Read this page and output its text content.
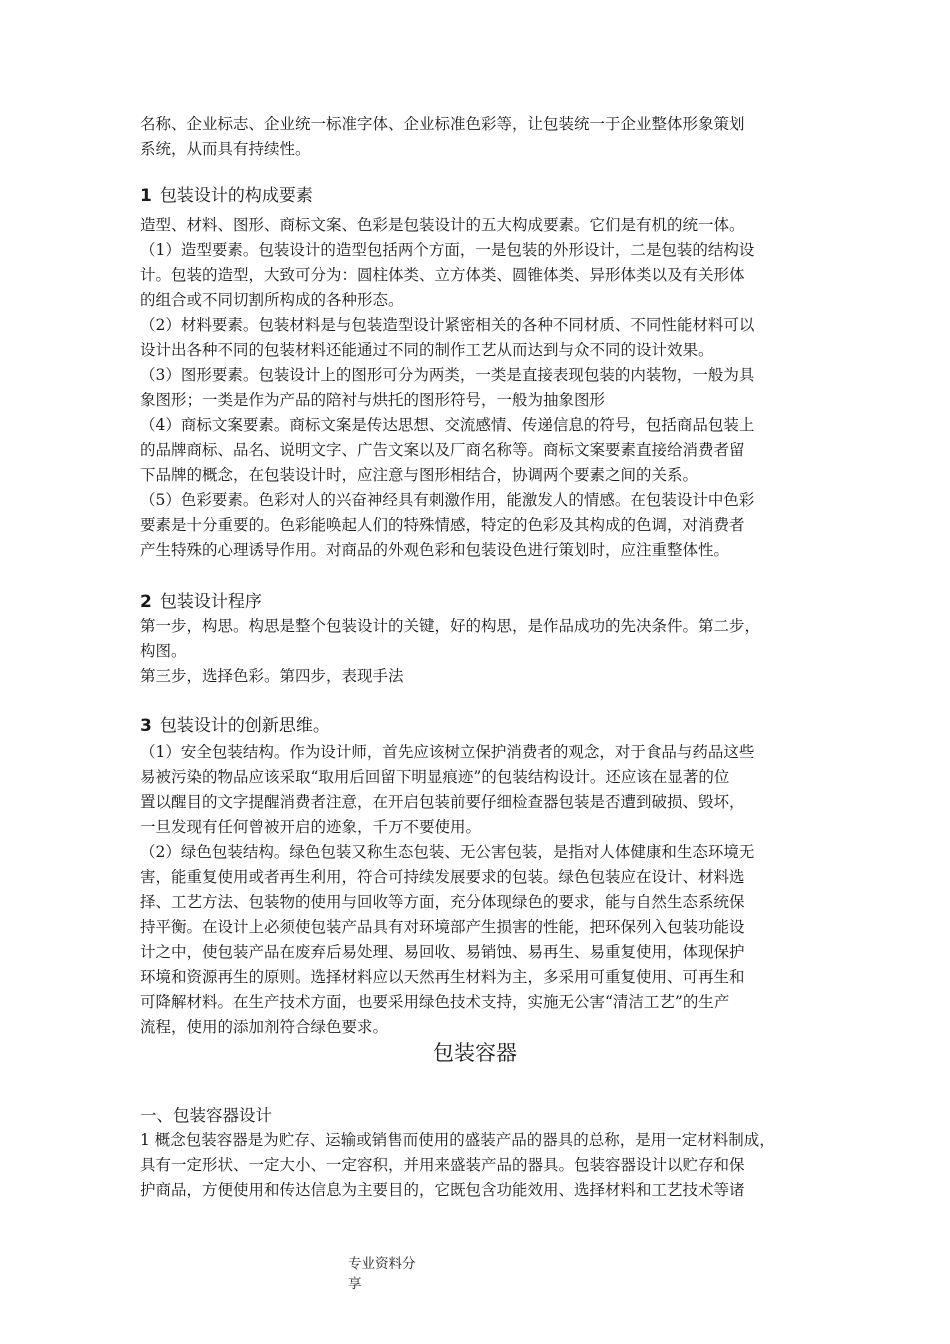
名称、企业标志、企业统一标准字体、企业标准色彩等，让包装统一于企业整体形象策划
系统，从而具有持续性。
1 包装设计的构成要素
造型、材料、图形、商标文案、色彩是包装设计的五大构成要素。它们是有机的统一体。
（1）造型要素。包装设计的造型包括两个方面，一是包装的外形设计，二是包装的结构设
计。包装的造型，大致可分为：圆柱体类、立方体类、圆锥体类、异形体类以及有关形体
的组合或不同切割所构成的各种形态。
（2）材料要素。包装材料是与包装造型设计紧密相关的各种不同材质、不同性能材料可以
设计出各种不同的包装材料还能通过不同的制作工艺从而达到与众不同的设计效果。
（3）图形要素。包装设计上的图形可分为两类，一类是直接表现包装的内装物，一般为具
象图形；一类是作为产品的陪衬与烘托的图形符号，一般为抽象图形
（4）商标文案要素。商标文案是传达思想、交流感情、传递信息的符号，包括商品包装上
的品牌商标、品名、说明文字、广告文案以及厂商名称等。商标文案要素直接给消费者留
下品牌的概念，在包装设计时，应注意与图形相结合，协调两个要素之间的关系。
（5）色彩要素。色彩对人的兴奋神经具有刺激作用，能激发人的情感。在包装设计中色彩
要素是十分重要的。色彩能唤起人们的特殊情感，特定的色彩及其构成的色调，对消费者
产生特殊的心理诱导作用。对商品的外观色彩和包装设色进行策划时，应注重整体性。
2 包装设计程序
第一步，构思。构思是整个包装设计的关键，好的构思，是作品成功的先决条件。第二步，
构图。
第三步，选择色彩。第四步，表现手法
3 包装设计的创新思维。
（1）安全包装结构。作为设计师，首先应该树立保护消费者的观念，对于食品与药品这些
易被污染的物品应该采取“取用后回留下明显痕迹”的包装结构设计。还应该在显著的位
置以醒目的文字提醒消费者注意，在开启包装前要仔细检查器包装是否遭到破损、毁坏，
一旦发现有任何曾被开启的迹象，千万不要使用。
（2）绿色包装结构。绿色包装又称生态包装、无公害包装，是指对人体健康和生态环境无
害，能重复使用或者再生利用，符合可持续发展要求的包装。绿色包装应在设计、材料选
择、工艺方法、包装物的使用与回收等方面，充分体现绿色的要求，能与自然生态系统保
持平衡。在设计上必须使包装产品具有对环境部产生损害的性能，把环保列入包装功能设
计之中，使包装产品在废弃后易处理、易回收、易销蚀、易再生、易重复使用，体现保护
环境和资源再生的原则。选择材料应以天然再生材料为主，多采用可重复使用、可再生和
可降解材料。在生产技术方面，也要采用绿色技术支持，实施无公害“清洁工艺”的生产
流程，使用的添加剂符合绿色要求。
包装容器
一、包装容器设计
1 概念包装容器是为贮存、运输或销售而使用的盛装产品的器具的总称，是用一定材料制成，
具有一定形状、一定大小、一定容积，并用来盛装产品的器具。包装容器设计以贮存和保
护商品，方便使用和传达信息为主要目的，它既包含功能效用、选择材料和工艺技术等诸
专业资料分
享
